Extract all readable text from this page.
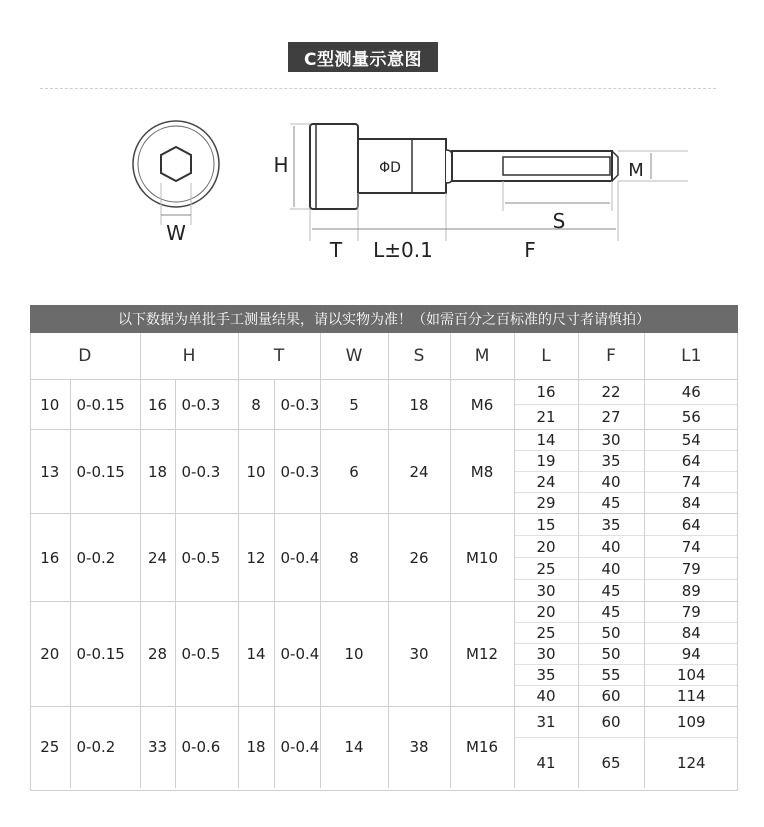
C型测量示意图
W
ΦD
H	M
S
T L±0.1	F
以下数据为单批手工测量结果，请以实物为准！（如需百分之百标准的尺寸者请慎拍）
D		H		T		W	S	M	L	F	L1
10	0-0.15	16	0-0.3	8	0-0.3	5	18	M6	16	22	46
									21	27	56
13	0-0.15	18	0-0.3	10	0-0.3	6	24	M8	14	30	54
									19	35	64
									24	40	74
									29	45	84
16	0-0.2	24	0-0.5	12	0-0.4	8	26	M10	15	35	64
									20	40	74
									25	40	79
									30	45	89
20	0-0.15	28	0-0.5	14	0-0.4	10	30	M12	20	45	79
									25	50	84
									30	50	94
									35	55	104
									40	60	114
25	0-0.2	33	0-0.6	18	0-0.4	14	38	M16	31	60	109
									41	65	124
